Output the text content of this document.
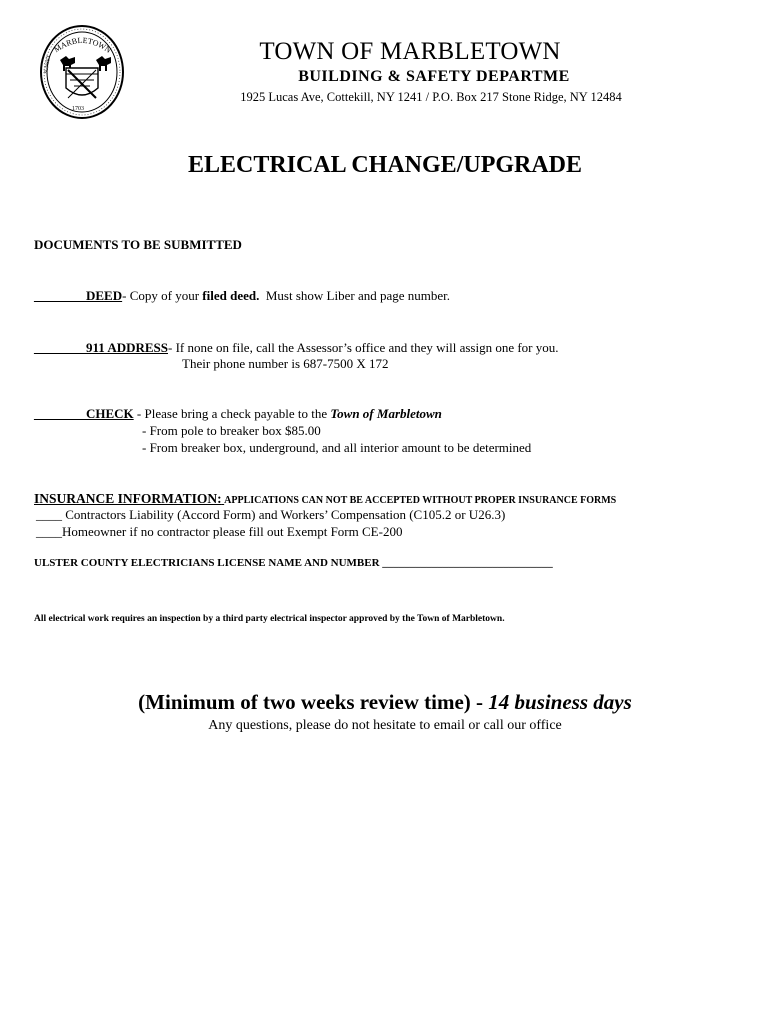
MARBLETOWN
SUNSET
1703
TOWN OF MARBLETOWN
BUILDING & SAFETY DEPARTME
1925 Lucas Ave, Cottekill, NY 1241 / P.O. Box 217 Stone Ridge, NY 12484
ELECTRICAL CHANGE/UPGRADE
DOCUMENTS TO BE SUBMITTED
________DEED- Copy of your filed deed.  Must show Liber and page number.
________911 ADDRESS- If none on file, call the Assessor’s office and they will assign one for you.
Their phone number is 687-7500 X 172
________CHECK - Please bring a check payable to the Town of Marbletown
- From pole to breaker box $85.00
- From breaker box, underground, and all interior amount to be determined
INSURANCE INFORMATION: APPLICATIONS CAN NOT BE ACCEPTED WITHOUT PROPER INSURANCE FORMS
____ Contractors Liability (Accord Form) and Workers’ Compensation (C105.2 or U26.3)
____Homeowner if no contractor please fill out Exempt Form CE-200
ULSTER COUNTY ELECTRICIANS LICENSE NAME AND NUMBER _______________________________
All electrical work requires an inspection by a third party electrical inspector approved by the Town of Marbletown.
(Minimum of two weeks review time) - 14 business days
Any questions, please do not hesitate to email or call our office
